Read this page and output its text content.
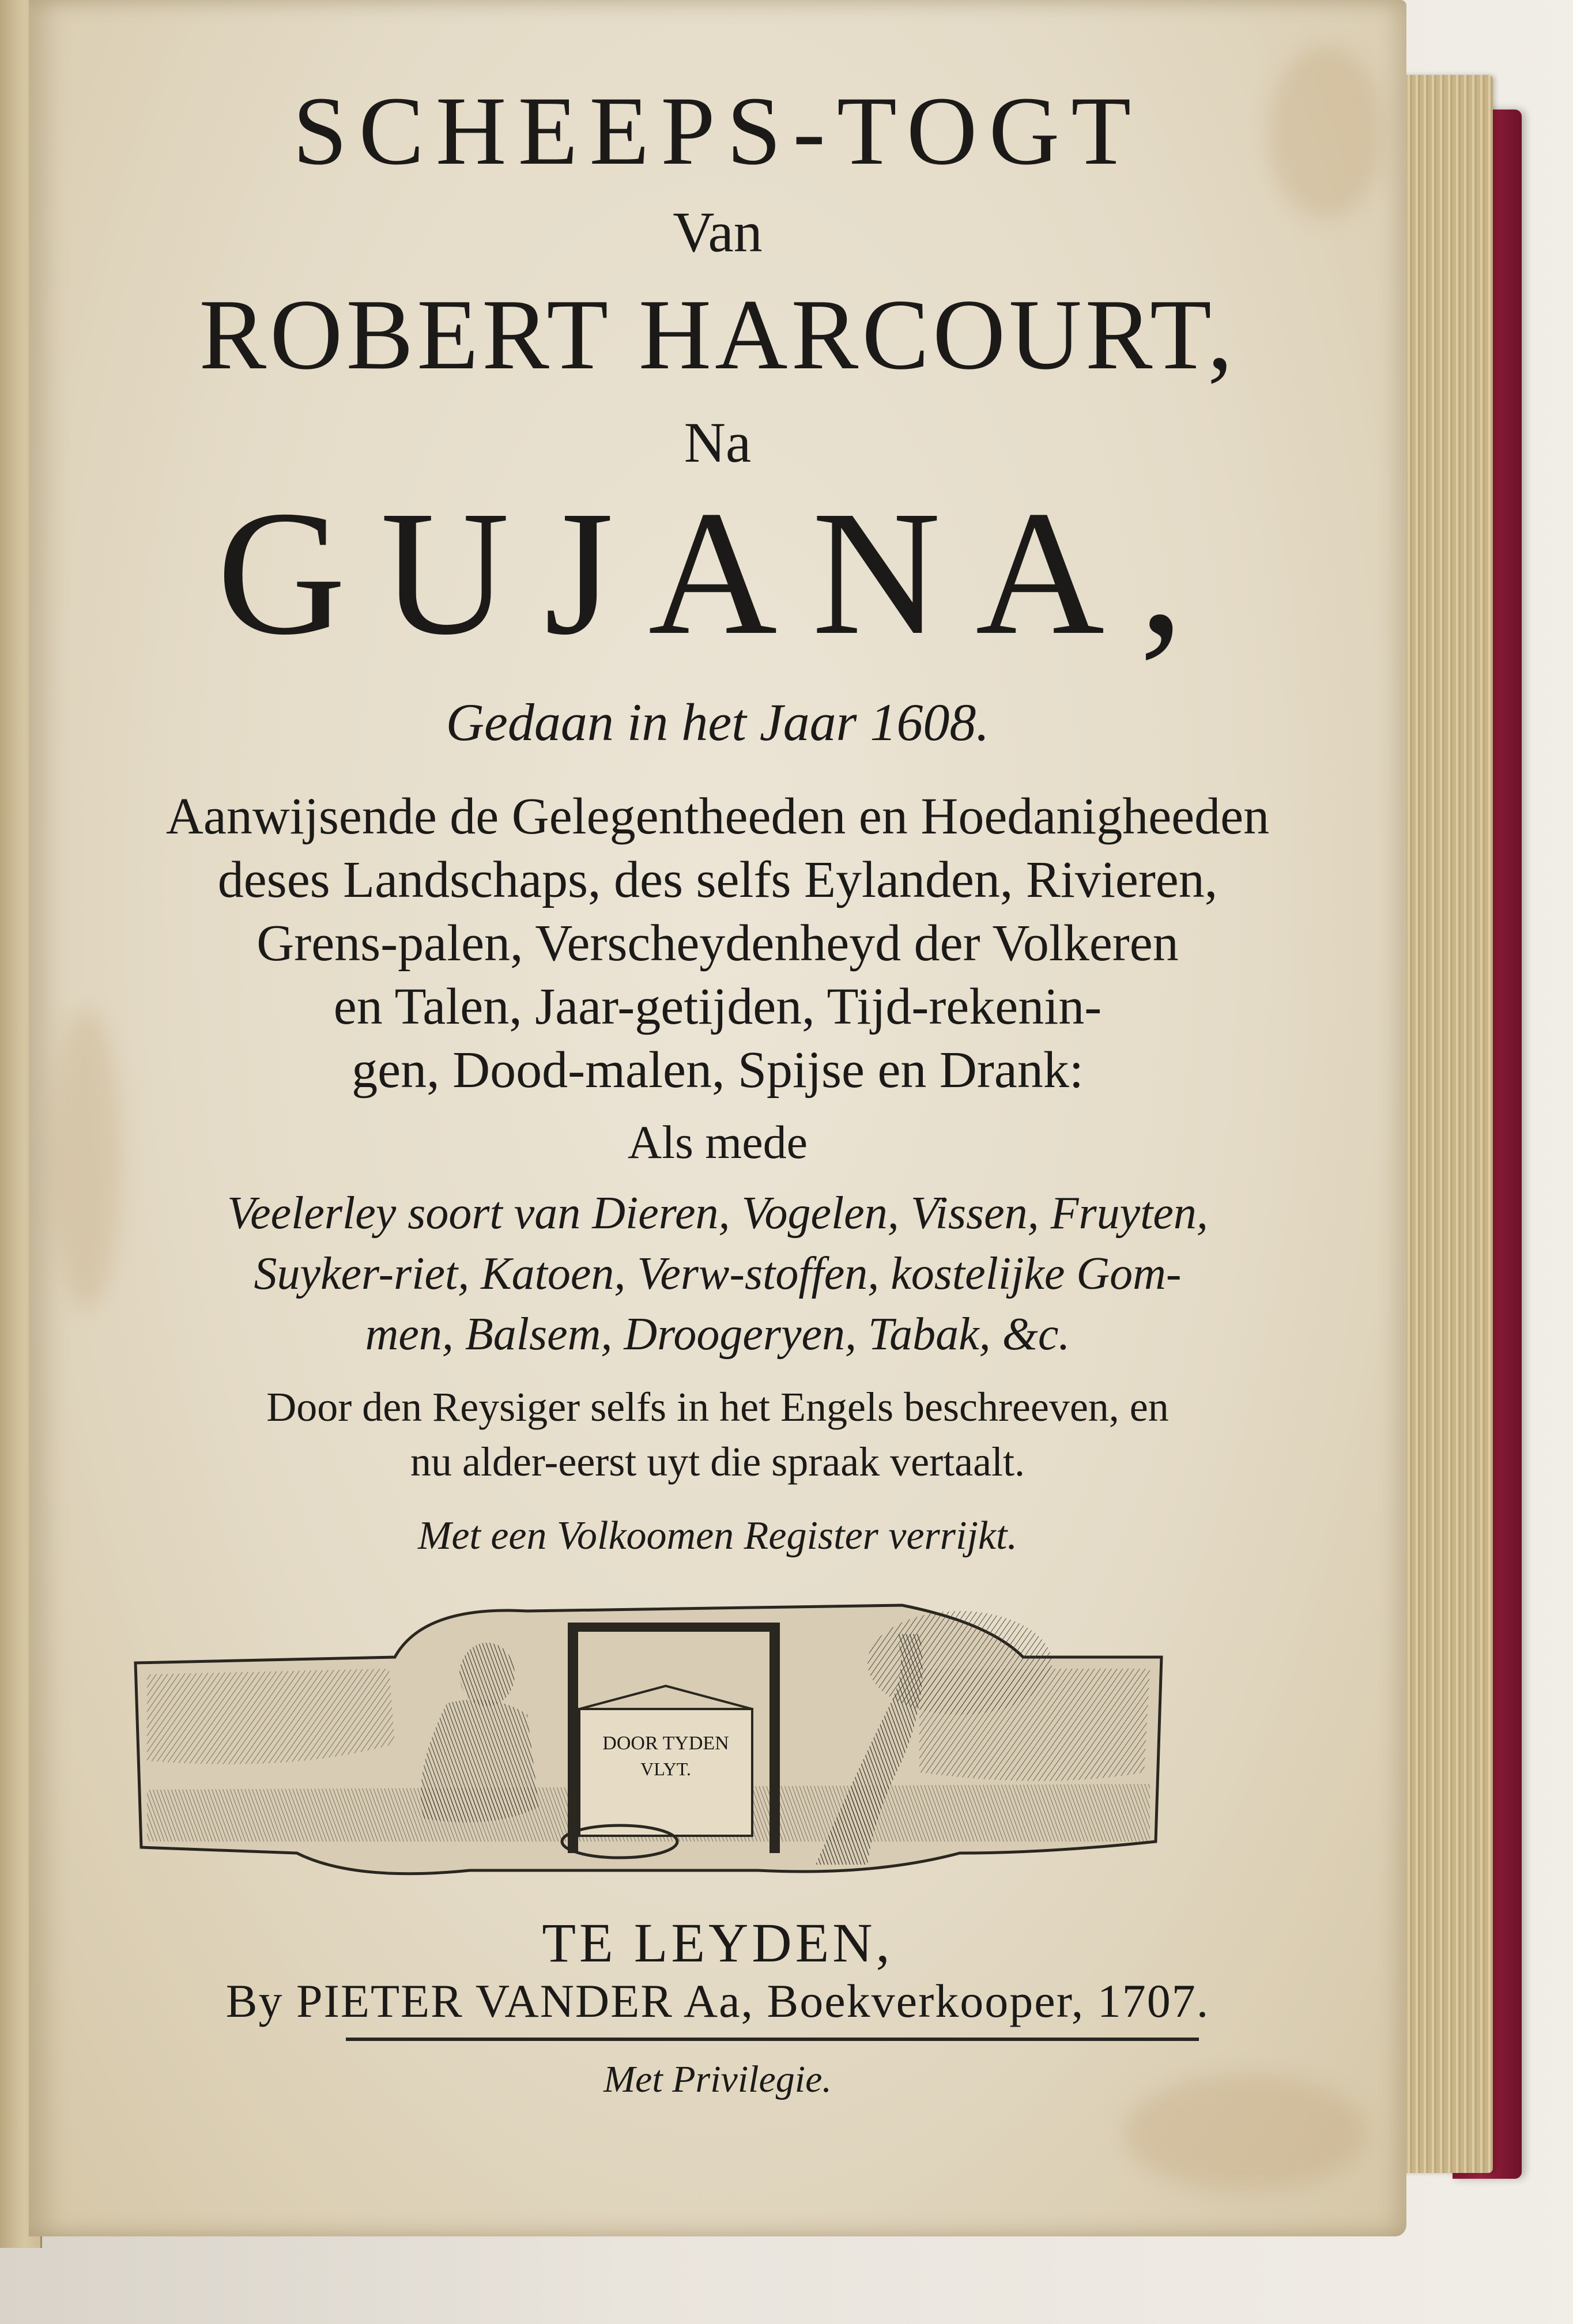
SCHEEPS-TOGT
Van
ROBERT HARCOURT,
Na
GUJANA,
Gedaan in het Jaar 1608.
Aanwijsende de Gelegentheeden en Hoedanigheeden
deses Landschaps, des selfs Eylanden, Rivieren,
Grens-palen, Verscheydenheyd der Volkeren
en Talen, Jaar-getijden, Tijd-rekenin-
gen, Dood-malen, Spijse en Drank:
Als mede
Veelerley soort van Dieren, Vogelen, Vissen, Fruyten,
Suyker-riet, Katoen, Verw-stoffen, kostelijke Gom-
men, Balsem, Droogeryen, Tabak, &c.
Door den Reysiger selfs in het Engels beschreeven, en
nu alder-eerst uyt die spraak vertaalt.
Met een Volkoomen Register verrijkt.
DOOR TYDEN
VLYT.
TE LEYDEN,
By PIETER VANDER Aa, Boekverkooper, 1707.
Met Privilegie.
